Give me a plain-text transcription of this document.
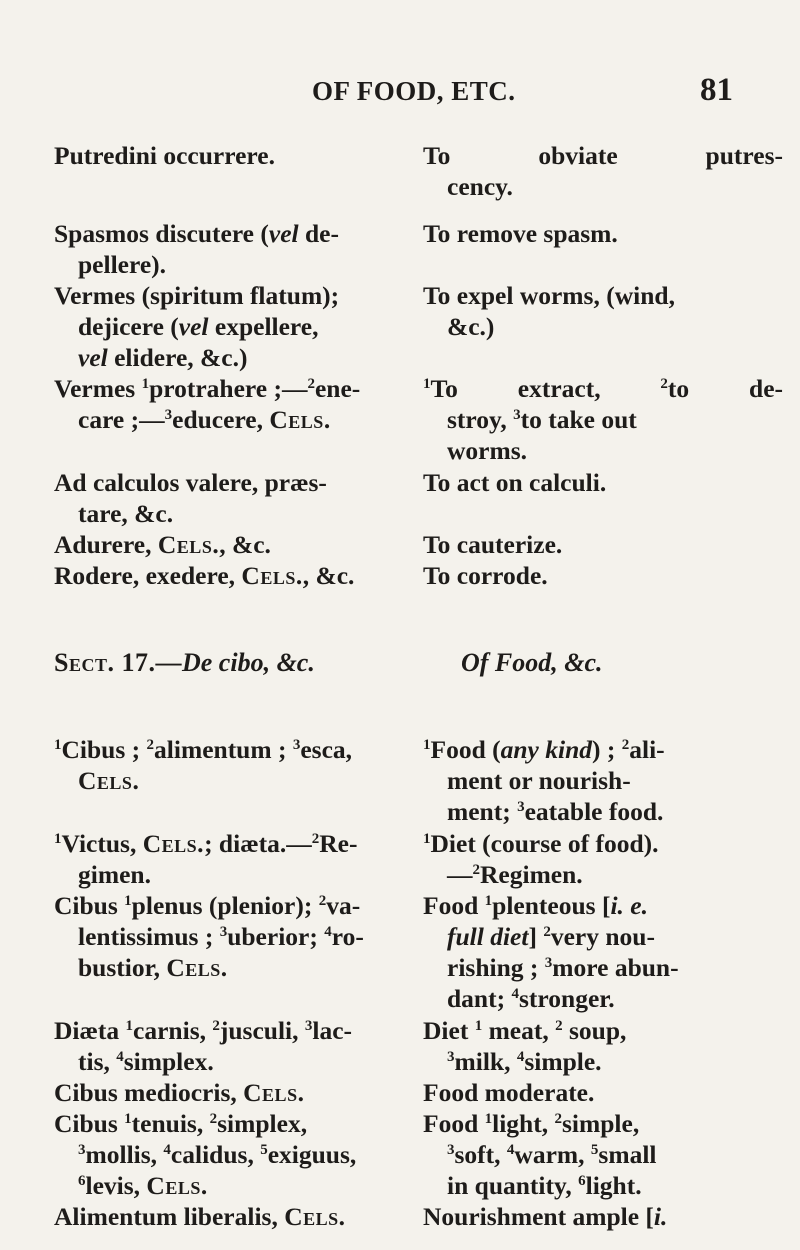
OF FOOD, ETC.	81
Putredini occurrere.
Spasmos discutere (vel de-
pellere).
Vermes (spiritum flatum);
dejicere (vel expellere,
vel elidere, &c.)
Vermes $^1$protrahere ;—$^2$ene-
care ;—$^3$educere, Cels.
Ad calculos valere, præs-
tare, &c.
Adurere, Cels., &c.
Rodere, exedere, Cels., &c.
Sect. 17.—De cibo, &c.
$^1$Cibus ; $^2$alimentum ; $^3$esca,
Cels.
$^1$Victus, Cels.; diæta.—$^2$Re-
gimen.
Cibus $^1$plenus (plenior); $^2$va-
lentissimus ; $^3$uberior; $^4$ro-
bustior, Cels.
Diæta $^1$carnis, $^2$jusculi, $^3$lac-
tis, $^4$simplex.
Cibus mediocris, Cels.
Cibus $^1$tenuis, $^2$simplex,
$^3$mollis, $^4$calidus, $^5$exiguus,
$^6$levis, Cels.
Alimentum liberalis, Cels.
To obviate putres-
cency.
To remove spasm.
To expel worms, (wind,
&c.)
$^1$To extract, $^2$to de-
stroy, $^3$to take out
worms.
To act on calculi.
To cauterize.
To corrode.
Of Food, &c.
$^1$Food (any kind) ; $^2$ali-
ment or nourish-
ment; $^3$eatable food.
$^1$Diet (course of food).
—$^2$Regimen.
Food $^1$plenteous [i. e.
full diet] $^2$very nou-
rishing ; $^3$more abun-
dant; $^4$stronger.
Diet $^1$ meat, $^2$ soup,
$^3$milk, $^4$simple.
Food moderate.
Food $^1$light, $^2$simple,
$^3$soft, $^4$warm, $^5$small
in quantity, $^6$light.
Nourishment ample [i.
